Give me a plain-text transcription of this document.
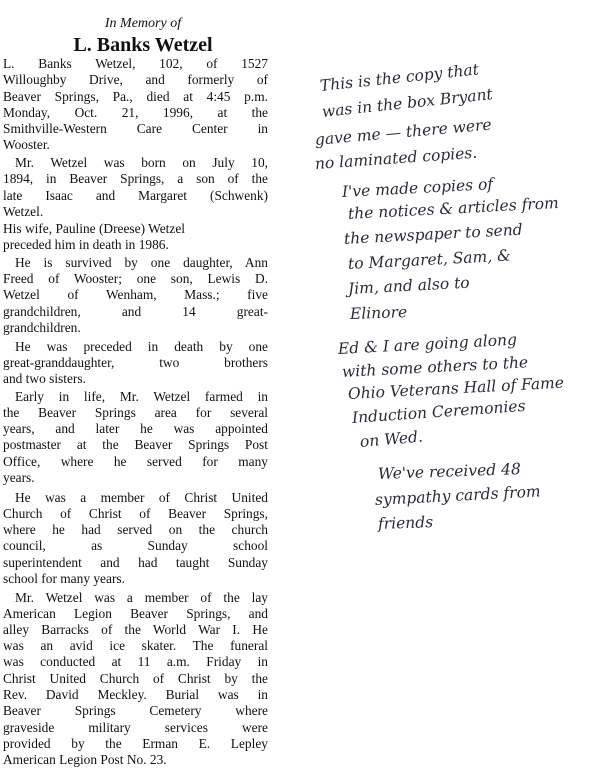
In Memory of
L. Banks Wetzel
L. Banks Wetzel, 102, of 1527
Willoughby Drive, and formerly of
Beaver Springs, Pa., died at 4:45 p.m.
Monday, Oct. 21, 1996, at the
Smithville-Western Care Center in
Wooster.
Mr. Wetzel was born on July 10,
1894, in Beaver Springs, a son of the
late Isaac and Margaret (Schwenk)
Wetzel.
His wife, Pauline (Dreese) Wetzel
preceded him in death in 1986.
He is survived by one daughter, Ann
Freed of Wooster; one son, Lewis D.
Wetzel of Wenham, Mass.; five
grandchildren, and 14 great-
grandchildren.
He was preceded in death by one
great-granddaughter, two brothers
and two sisters.
Early in life, Mr. Wetzel farmed in
the Beaver Springs area for several
years, and later he was appointed
postmaster at the Beaver Springs Post
Office, where he served for many
years.
He was a member of Christ United
Church of Christ of Beaver Springs,
where he had served on the church
council, as Sunday school
superintendent and had taught Sunday
school for many years.
Mr. Wetzel was a member of the lay
American Legion Beaver Springs, and
alley Barracks of the World War I. He
was an avid ice skater. The funeral
was conducted at 11 a.m. Friday in
Christ United Church of Christ by the
Rev. David Meckley. Burial was in
Beaver Springs Cemetery where
graveside military services were
provided by the Erman E. Lepley
American Legion Post No. 23.
This is the copy that
was in the box Bryant
gave me — there were
no laminated copies.
I've made copies of
the notices & articles from
the newspaper to send
to Margaret, Sam, &
Jim, and also to
Elinore
Ed & I are going along
with some others to the
Ohio Veterans Hall of Fame
Induction Ceremonies
on Wed.
We've received 48
sympathy cards from
friends
